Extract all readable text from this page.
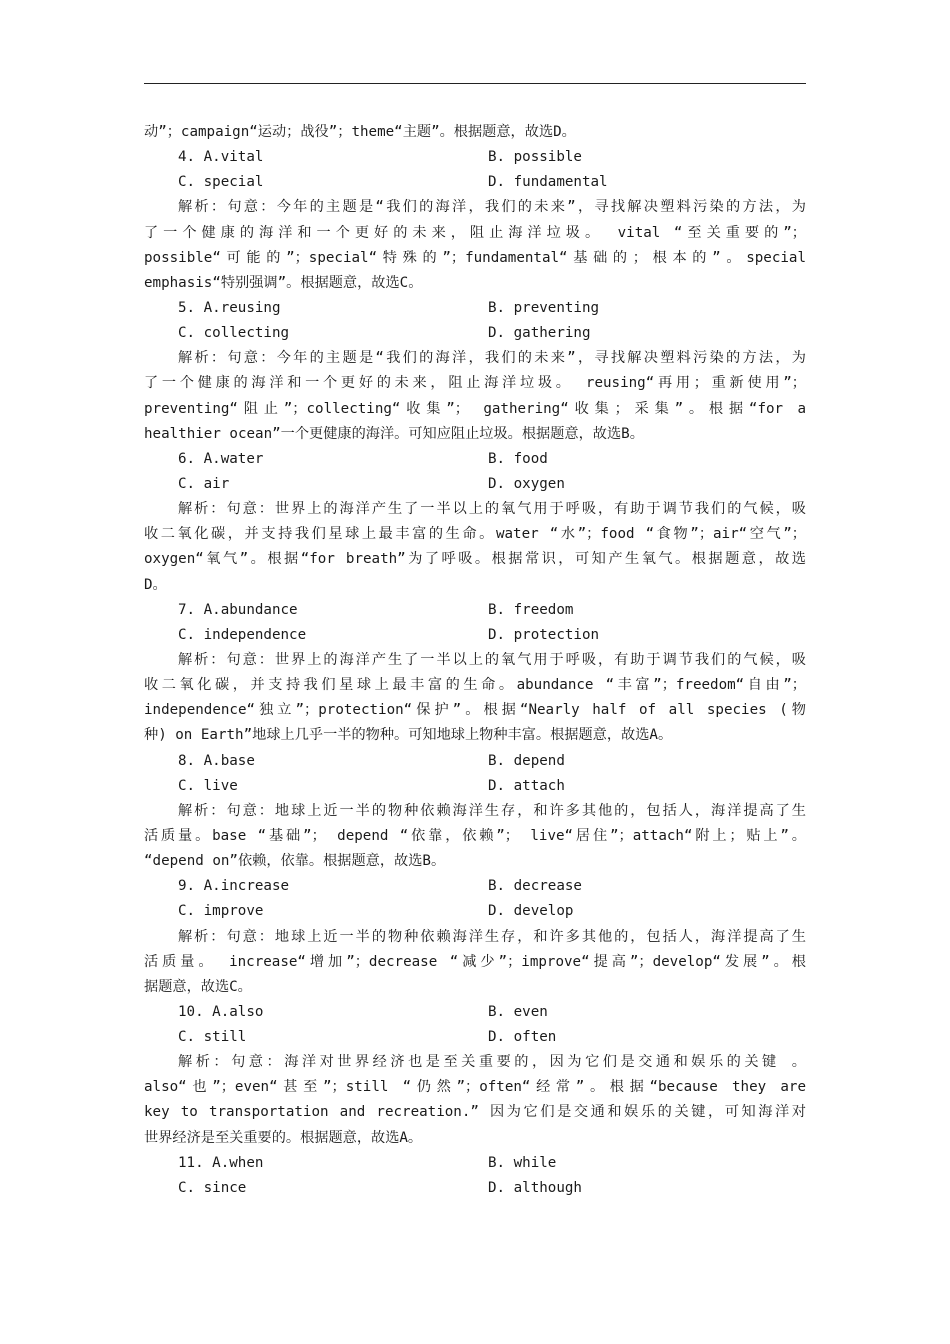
动”；campaign“运动；战役”；theme“主题”。根据题意，故选D。
4. A.vital	B. possible
C. special	D. fundamental
解析：句意：今年的主题是“我们的海洋，我们的未来”，寻找解决塑料污染的方法，为
了一个健康的海洋和一个更好的未来，阻止海洋垃圾。 vital “至关重要的”；
possible“可能的”；special“特殊的”；fundamental“基础的；根本的”。special
emphasis“特别强调”。根据题意，故选C。
5. A.reusing	B. preventing
C. collecting	D. gathering
解析：句意：今年的主题是“我们的海洋，我们的未来”，寻找解决塑料污染的方法，为
了一个健康的海洋和一个更好的未来，阻止海洋垃圾。 reusing“再用；重新使用”；
preventing“阻止”；collecting“收集”； gathering“收集；采集”。根据“for a
healthier ocean”一个更健康的海洋。可知应阻止垃圾。根据题意，故选B。
6. A.water	B. food
C. air	D. oxygen
解析：句意：世界上的海洋产生了一半以上的氧气用于呼吸，有助于调节我们的气候，吸
收二氧化碳，并支持我们星球上最丰富的生命。water “水”；food “食物”；air“空气”；
oxygen“氧气”。根据“for breath”为了呼吸。根据常识，可知产生氧气。根据题意，故选
D。
7. A.abundance	B. freedom
C. independence	D. protection
解析：句意：世界上的海洋产生了一半以上的氧气用于呼吸，有助于调节我们的气候，吸
收二氧化碳，并支持我们星球上最丰富的生命。abundance “丰富”；freedom“自由”；
independence“独立”；protection“保护”。根据“Nearly half of all species (物
种) on Earth”地球上几乎一半的物种。可知地球上物种丰富。根据题意，故选A。
8. A.base	B. depend
C. live	D. attach
解析：句意：地球上近一半的物种依赖海洋生存，和许多其他的，包括人，海洋提高了生
活质量。base “基础”； depend “依靠，依赖”； live“居住”；attach“附上；贴上”。
“depend on”依赖，依靠。根据题意，故选B。
9. A.increase	B. decrease
C. improve	D. develop
解析：句意：地球上近一半的物种依赖海洋生存，和许多其他的，包括人，海洋提高了生
活质量。 increase“增加”；decrease “减少”；improve“提高”；develop“发展”。根
据题意，故选C。
10. A.also	B. even
C. still	D. often
解析：句意：海洋对世界经济也是至关重要的，因为它们是交通和娱乐的关键 。
also“也”；even“甚至”；still “仍然”；often“经常”。根据“because they are
key to transportation and recreation.” 因为它们是交通和娱乐的关键，可知海洋对
世界经济是至关重要的。根据题意，故选A。
11. A.when	B. while
C. since	D. although
